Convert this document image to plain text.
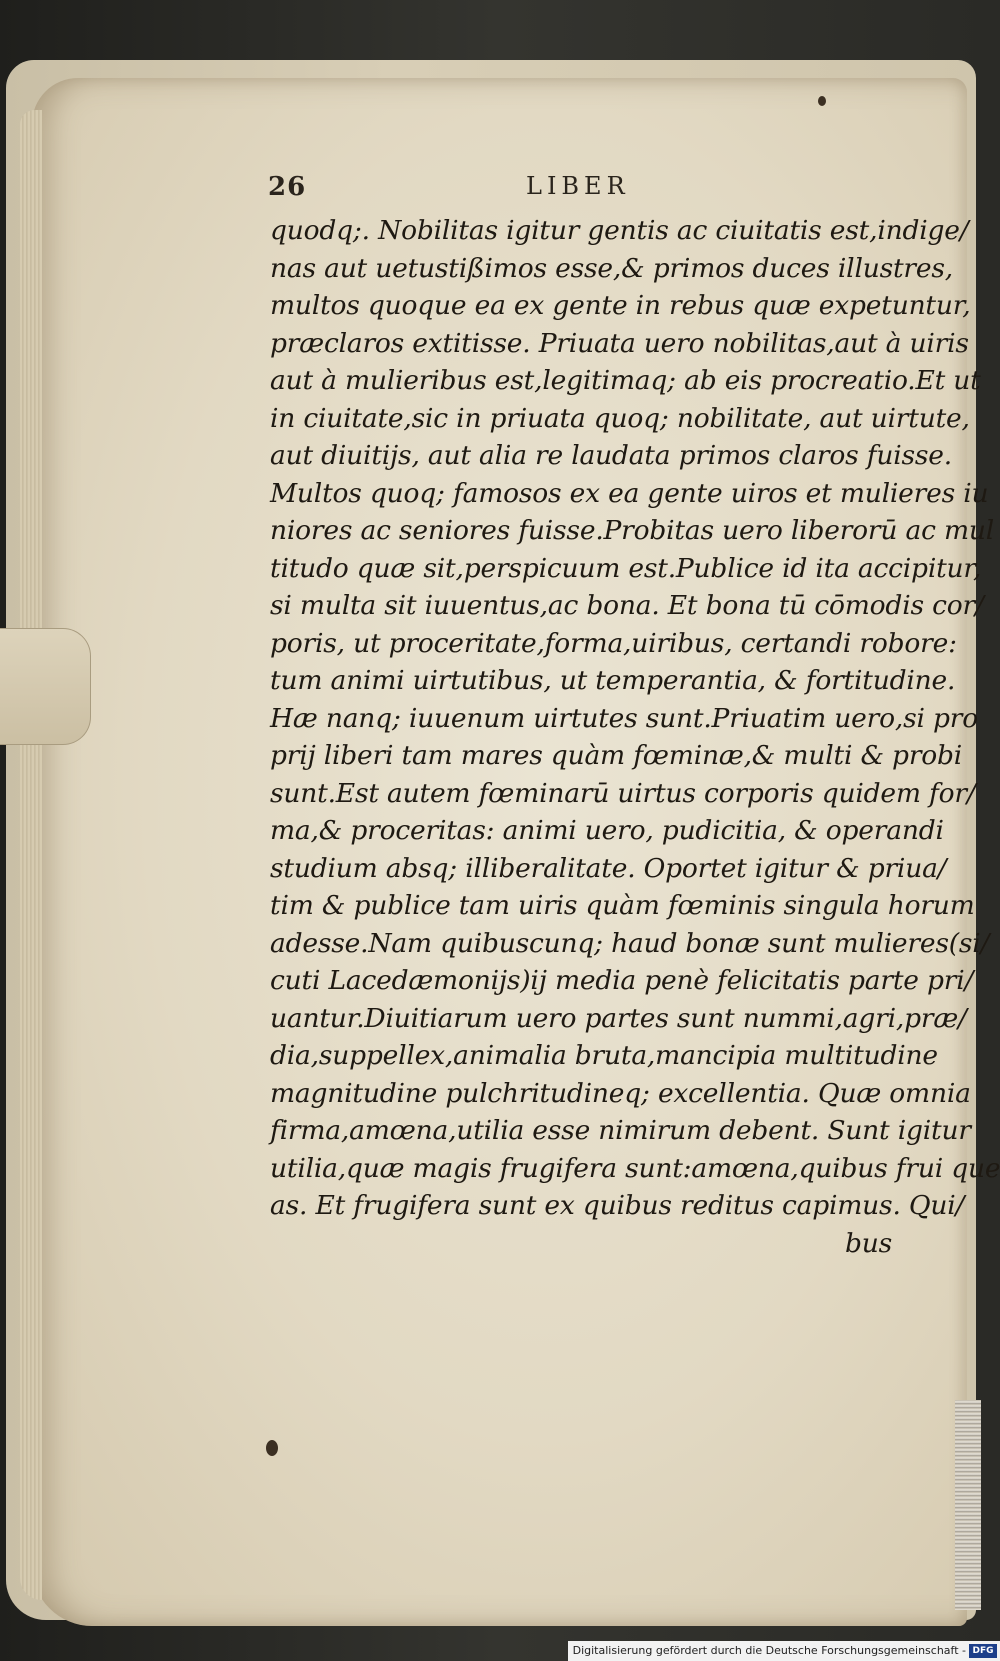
26	LIBER
quodq;. Nobilitas igitur gentis ac ciuitatis est,indige/
nas aut uetustißimos esse,& primos duces illustres,
multos quoque ea ex gente in rebus quæ expetuntur,
præclaros extitisse. Priuata uero nobilitas,aut à uiris
aut à mulieribus est,legitimaq; ab eis procreatio.Et ut
in ciuitate,sic in priuata quoq; nobilitate, aut uirtute,
aut diuitijs, aut alia re laudata primos claros fuisse.
Multos quoq; famosos ex ea gente uiros et mulieres iu
niores ac seniores fuisse.Probitas uero liberorū ac mul
titudo quæ sit,perspicuum est.Publice id ita accipitur,
si multa sit iuuentus,ac bona. Et bona tū cōmodis cor/
poris, ut proceritate,forma,uiribus, certandi robore:
tum animi uirtutibus, ut temperantia, & fortitudine.
Hæ nanq; iuuenum uirtutes sunt.Priuatim uero,si pro
prij liberi tam mares quàm fœminæ,& multi & probi
sunt.Est autem fœminarū uirtus corporis quidem for/
ma,& proceritas: animi uero, pudicitia, & operandi
studium absq; illiberalitate. Oportet igitur & priua/
tim & publice tam uiris quàm fœminis singula horum
adesse.Nam quibuscunq; haud bonæ sunt mulieres(si/
cuti Lacedæmonijs)ij media penè felicitatis parte pri/
uantur.Diuitiarum uero partes sunt nummi,agri,præ/
dia,suppellex,animalia bruta,mancipia multitudine
magnitudine pulchritudineq; excellentia. Quæ omnia
firma,amœna,utilia esse nimirum debent. Sunt igitur
utilia,quæ magis frugifera sunt:amœna,quibus frui que
as. Et frugifera sunt ex quibus reditus capimus. Qui/
bus
Digitalisierung gefördert durch die Deutsche Forschungsgemeinschaft - DFG
